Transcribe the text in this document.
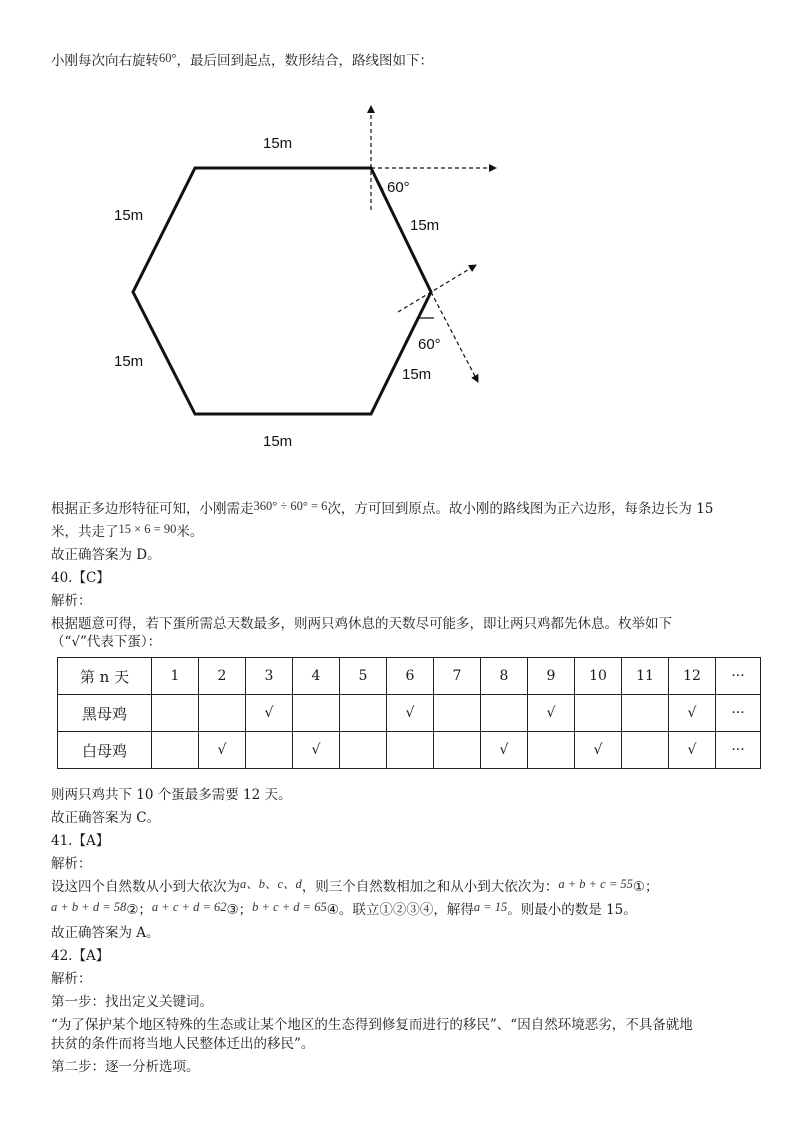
小刚每次向右旋转60°，最后回到起点，数形结合，路线图如下：
15m
15m
15m
15m
15m
15m
60°
60°
根据正多边形特征可知，小刚需走360° ÷ 60° = 6次，方可回到原点。故小刚的路线图为正六边形，每条边长为 15
米，共走了15 × 6 = 90米。
故正确答案为 D。
40.【C】
解析：
根据题意可得，若下蛋所需总天数最多，则两只鸡休息的天数尽可能多，即让两只鸡都先休息。枚举如下
（“√”代表下蛋）：
第 n 天	1	2	3	4	5	6	7	8	9	10	11	12	···
黑母鸡			√			√			√			√	···
白母鸡		√		√				√		√		√	···
则两只鸡共下 10 个蛋最多需要 12 天。
故正确答案为 C。
41.【A】
解析：
设这四个自然数从小到大依次为a、b、c、d，则三个自然数相加之和从小到大依次为：a + b + c = 55①；
a + b + d = 58②；a + c + d = 62③；b + c + d = 65④。联立①②③④，解得a = 15。则最小的数是 15。
故正确答案为 A。
42.【A】
解析：
第一步：找出定义关键词。
“为了保护某个地区特殊的生态或让某个地区的生态得到修复而进行的移民”、“因自然环境恶劣，不具备就地
扶贫的条件而将当地人民整体迁出的移民”。
第二步：逐一分析选项。
